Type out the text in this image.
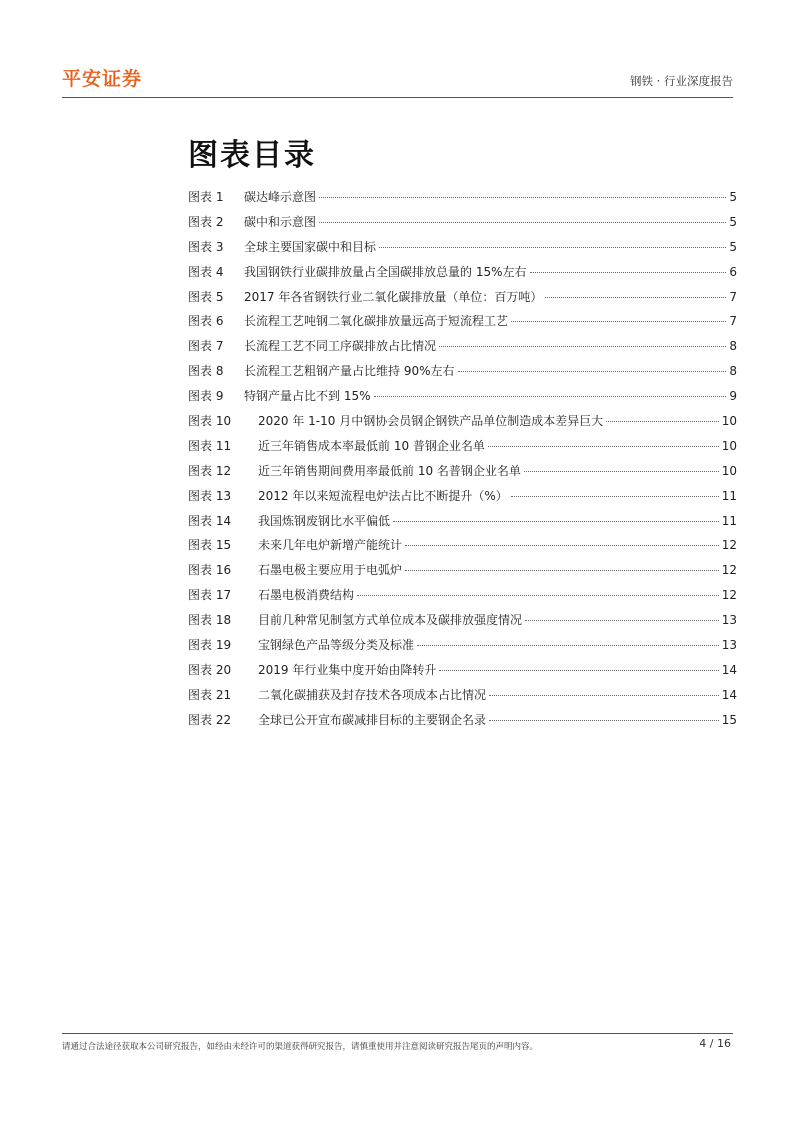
平安证券	钢铁 · 行业深度报告
图表目录
图表 1	碳达峰示意图	5
图表 2	碳中和示意图	5
图表 3	全球主要国家碳中和目标	5
图表 4	我国钢铁行业碳排放量占全国碳排放总量的 15%左右	6
图表 5	2017 年各省钢铁行业二氧化碳排放量（单位：百万吨）	7
图表 6	长流程工艺吨钢二氧化碳排放量远高于短流程工艺	7
图表 7	长流程工艺不同工序碳排放占比情况	8
图表 8	长流程工艺粗钢产量占比维持 90%左右	8
图表 9	特钢产量占比不到 15%	9
图表 10	2020 年 1-10 月中钢协会员钢企钢铁产品单位制造成本差异巨大	10
图表 11	近三年销售成本率最低前 10 普钢企业名单	10
图表 12	近三年销售期间费用率最低前 10 名普钢企业名单	10
图表 13	2012 年以来短流程电炉法占比不断提升（%）	11
图表 14	我国炼钢废钢比水平偏低	11
图表 15	未来几年电炉新增产能统计	12
图表 16	石墨电极主要应用于电弧炉	12
图表 17	石墨电极消费结构	12
图表 18	目前几种常见制氢方式单位成本及碳排放强度情况	13
图表 19	宝钢绿色产品等级分类及标准	13
图表 20	2019 年行业集中度开始由降转升	14
图表 21	二氧化碳捕获及封存技术各项成本占比情况	14
图表 22	全球已公开宣布碳减排目标的主要钢企名录	15
请通过合法途径获取本公司研究报告，如经由未经许可的渠道获得研究报告，请慎重使用并注意阅读研究报告尾页的声明内容。	4 / 16
